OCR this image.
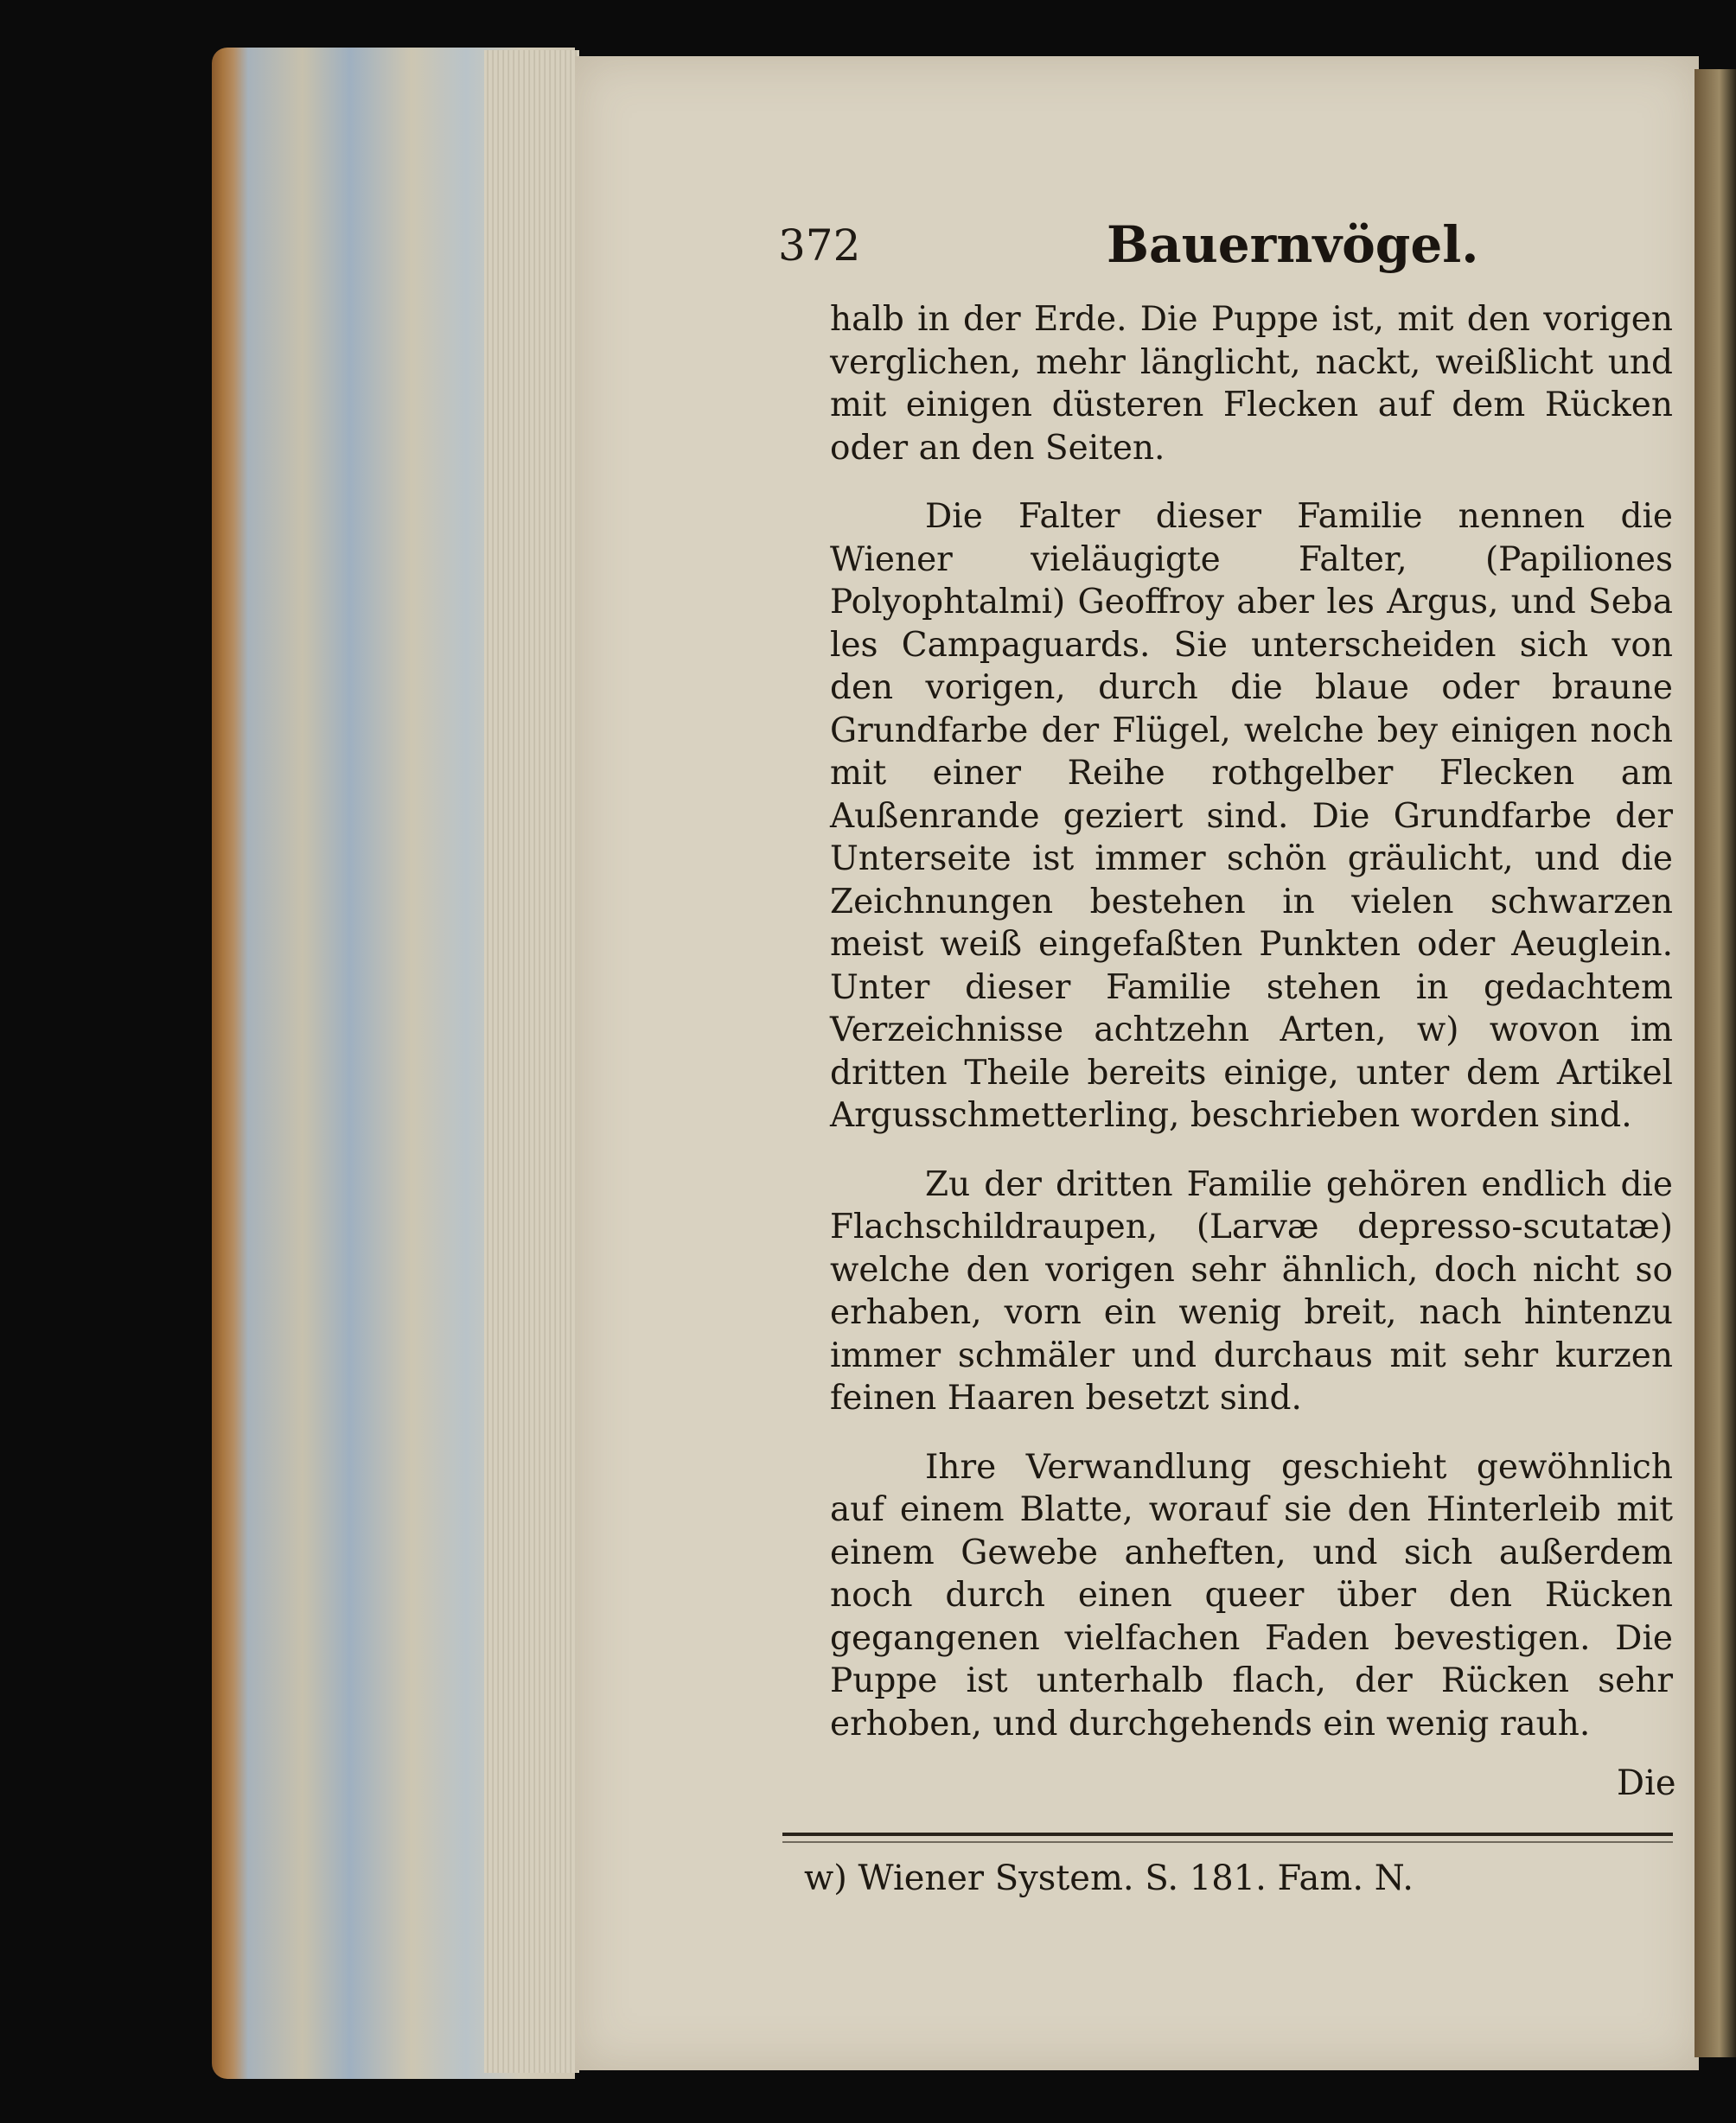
372	Bauernvögel.

halb in der Erde. Die Puppe ist, mit den vorigen verglichen, mehr länglicht, nackt, weißlicht und mit einigen düsteren Flecken auf dem Rücken oder an den Seiten.

Die Falter dieser Familie nennen die Wiener vieläugigte Falter, (Papiliones Polyophtalmi) Geoffroy aber les Argus, und Seba les Campaguards. Sie unterscheiden sich von den vorigen, durch die blaue oder braune Grundfarbe der Flügel, welche bey einigen noch mit einer Reihe rothgelber Flecken am Außenrande geziert sind. Die Grundfarbe der Unterseite ist immer schön gräulicht, und die Zeichnungen bestehen in vielen schwarzen meist weiß eingefaßten Punkten oder Aeuglein. Unter dieser Familie stehen in gedachtem Verzeichnisse achtzehn Arten, w) wovon im dritten Theile bereits einige, unter dem Artikel Argusschmetterling, beschrieben worden sind.

Zu der dritten Familie gehören endlich die Flachschildraupen, (Larvæ depresso-scutatæ) welche den vorigen sehr ähnlich, doch nicht so erhaben, vorn ein wenig breit, nach hintenzu immer schmäler und durchaus mit sehr kurzen feinen Haaren besetzt sind.

Ihre Verwandlung geschieht gewöhnlich auf einem Blatte, worauf sie den Hinterleib mit einem Gewebe anheften, und sich außerdem noch durch einen queer über den Rücken gegangenen vielfachen Faden bevestigen. Die Puppe ist unterhalb flach, der Rücken sehr erhoben, und durchgehends ein wenig rauh.

Die
w) Wiener System. S. 181. Fam. N.
